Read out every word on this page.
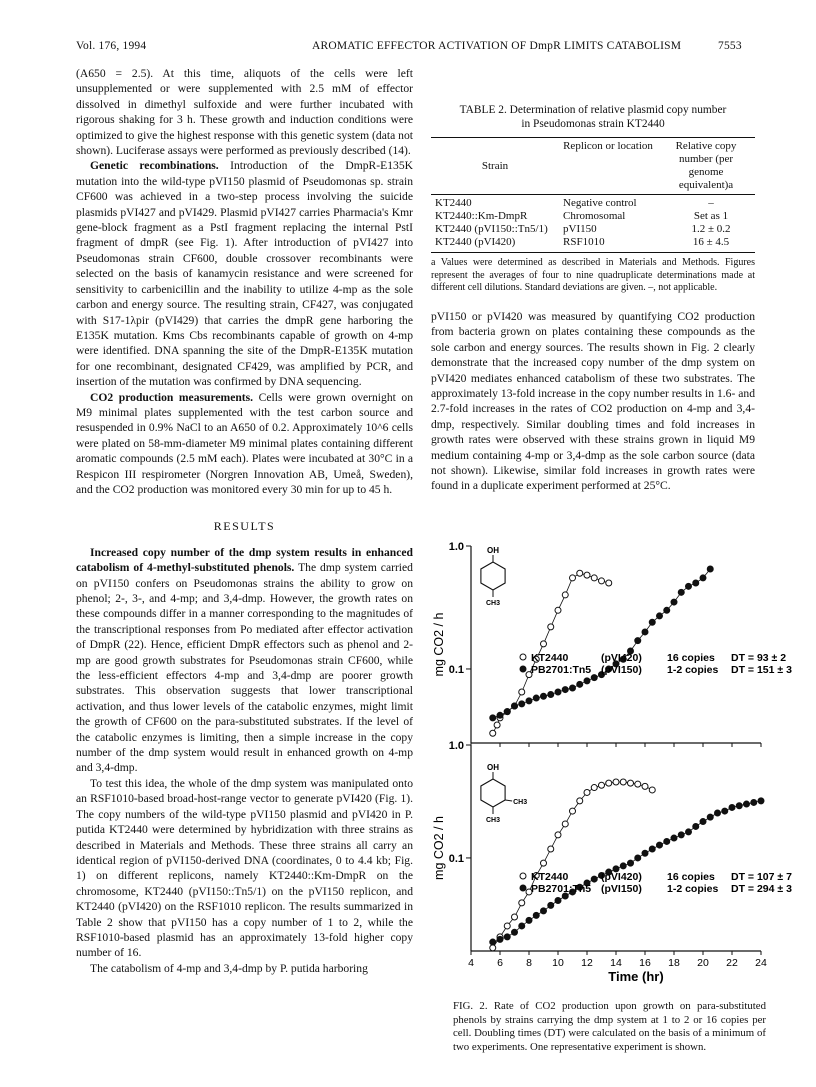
Vol. 176, 1994	AROMATIC EFFECTOR ACTIVATION OF DmpR LIMITS CATABOLISM	7553

(A650 = 2.5). At this time, aliquots of the cells were left unsupplemented or were supplemented with 2.5 mM of effector dissolved in dimethyl sulfoxide and were further incubated with rigorous shaking for 3 h. These growth and induction conditions were optimized to give the highest response with this genetic system (data not shown). Luciferase assays were performed as previously described (14).

Genetic recombinations. Introduction of the DmpR-E135K mutation into the wild-type pVI150 plasmid of Pseudomonas sp. strain CF600 was achieved in a two-step process involving the suicide plasmids pVI427 and pVI429. Plasmid pVI427 carries Pharmacia's Kmr gene-block fragment as a PstI fragment replacing the internal PstI fragment of dmpR (see Fig. 1). After introduction of pVI427 into Pseudomonas strain CF600, double crossover recombinants were selected on the basis of kanamycin resistance and were screened for sensitivity to carbenicillin and the inability to utilize 4-mp as the sole carbon and energy source. The resulting strain, CF427, was conjugated with S17-1λpir (pVI429) that carries the dmpR gene harboring the E135K mutation. Kms Cbs recombinants capable of growth on 4-mp were identified. DNA spanning the site of the DmpR-E135K mutation for one recombinant, designated CF429, was amplified by PCR, and insertion of the mutation was confirmed by DNA sequencing.

CO2 production measurements. Cells were grown overnight on M9 minimal plates supplemented with the test carbon source and resuspended in 0.9% NaCl to an A650 of 0.2. Approximately 10^6 cells were plated on 58-mm-diameter M9 minimal plates containing different aromatic compounds (2.5 mM each). Plates were incubated at 30°C in a Respicon III respirometer (Norgren Innovation AB, Umeå, Sweden), and the CO2 production was monitored every 30 min for up to 45 h.

RESULTS

Increased copy number of the dmp system results in enhanced catabolism of 4-methyl-substituted phenols. The dmp system carried on pVI150 confers on Pseudomonas strains the ability to grow on phenol; 2-, 3-, and 4-mp; and 3,4-dmp. However, the growth rates on these compounds differ in a manner corresponding to the magnitudes of the transcriptional responses from Po mediated after effector activation of DmpR (22). Hence, efficient DmpR effectors such as phenol and 2-mp are good growth substrates for Pseudomonas strain CF600, while the less-efficient effectors 4-mp and 3,4-dmp are poorer growth substrates. This observation suggests that lower transcriptional activation, and thus lower levels of the catabolic enzymes, might limit the growth of CF600 on the para-substituted substrates. If the level of the catabolic enzymes is limiting, then a simple increase in the copy number of the dmp system would result in enhanced growth on 4-mp and 3,4-dmp.

To test this idea, the whole of the dmp system was manipulated onto an RSF1010-based broad-host-range vector to generate pVI420 (Fig. 1). The copy numbers of the wild-type pVI150 plasmid and pVI420 in P. putida KT2440 were determined by hybridization with three strains as described in Materials and Methods. These three strains all carry an identical region of pVI150-derived DNA (coordinates, 0 to 4.4 kb; Fig. 1) on different replicons, namely KT2440::Km-DmpR on the chromosome, KT2440 (pVI150::Tn5/1) on the pVI150 replicon, and KT2440 (pVI420) on the RSF1010 replicon. The results summarized in Table 2 show that pVI150 has a copy number of 1 to 2, while the RSF1010-based plasmid has an approximately 13-fold higher copy number of 16.

The catabolism of 4-mp and 3,4-dmp by P. putida harboring

TABLE 2. Determination of relative plasmid copy number
in Pseudomonas strain KT2440
Strain	Replicon or location	Relative copy number (per genome equivalent)a
KT2440	Negative control	–
KT2440::Km-DmpR	Chromosomal	Set as 1
KT2440 (pVI150::Tn5/1)	pVI150	1.2 ± 0.2
KT2440 (pVI420)	RSF1010	16 ± 4.5
a Values were determined as described in Materials and Methods. Figures represent the averages of four to nine quadruplicate determinations made at different cell dilutions. Standard deviations are given. –, not applicable.

pVI150 or pVI420 was measured by quantifying CO2 production from bacteria grown on plates containing these compounds as the sole carbon and energy sources. The results shown in Fig. 2 clearly demonstrate that the increased copy number of the dmp system on pVI420 mediates enhanced catabolism of these two substrates. The approximately 13-fold increase in the copy number results in 1.6- and 2.7-fold increases in the rates of CO2 production on 4-mp and 3,4-dmp, respectively. Similar doubling times and fold increases in growth rates were observed with these strains grown in liquid M9 medium containing 4-mp or 3,4-dmp as the sole carbon source (data not shown). Likewise, similar fold increases in growth rates were found in a duplicate experiment performed at 25°C.

1.0
0.1
mg CO2 / h	KT2440	(pVI420) 16 copies DT = 93 ± 2
PB2701:Tn5 (pVI150) 1-2 copies DT = 151 ± 3
OH
CH3
1.0
0.1
4 6 8 10 12 14 16 18 20 22 24
Time (hr)
mg CO2 / h	KT2440	(pVI420) 16 copies DT = 107 ± 7
PB2701:Tn5 (pVI150) 1-2 copies DT = 294 ± 3
OH
CH3
CH3
FIG. 2. Rate of CO2 production upon growth on para-substituted phenols by strains carrying the dmp system at 1 to 2 or 16 copies per cell. Doubling times (DT) were calculated on the basis of a minimum of two experiments. One representative experiment is shown.
